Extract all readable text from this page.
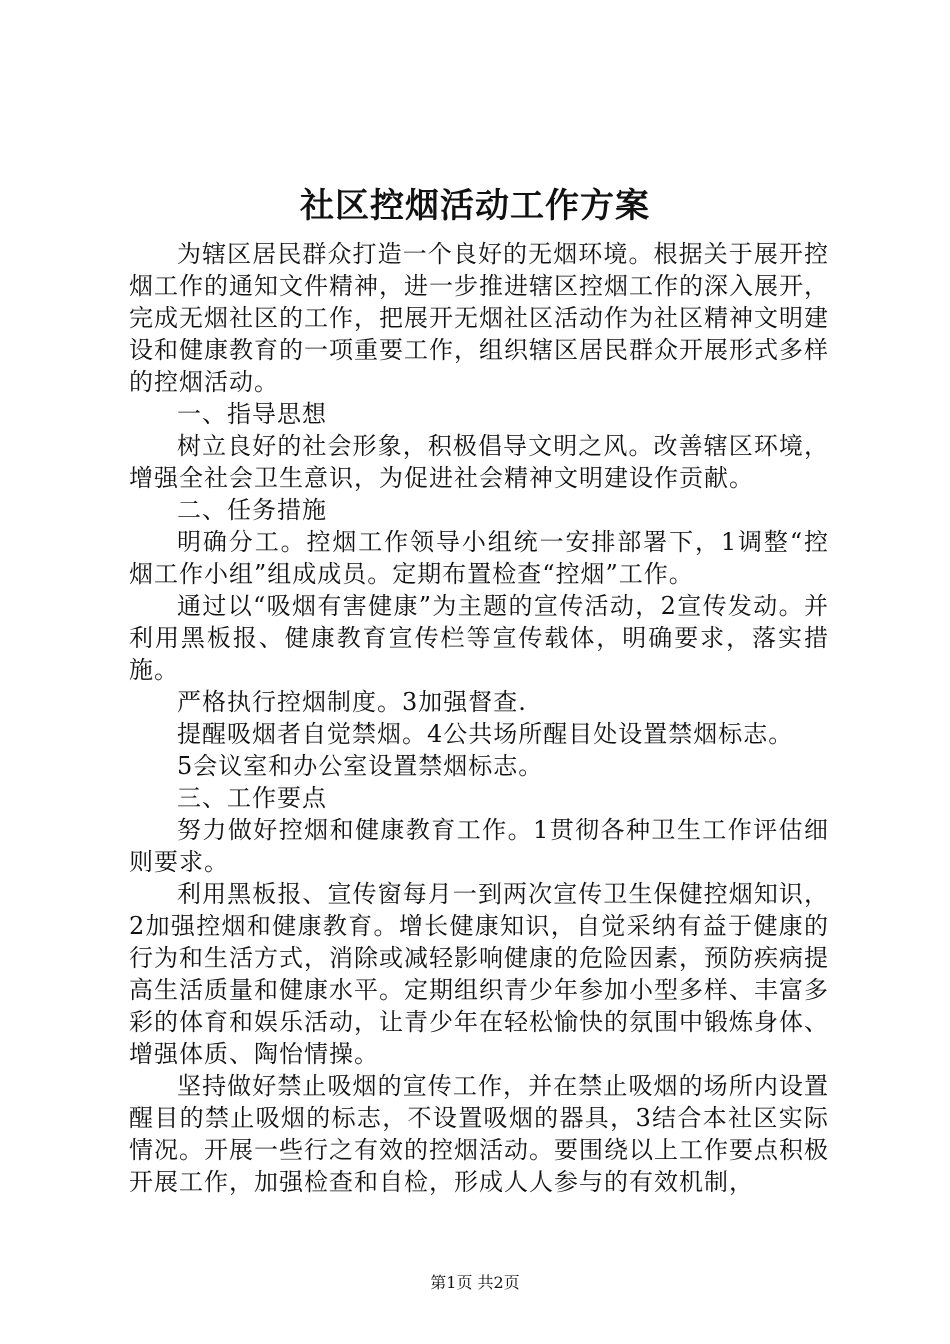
社区控烟活动工作方案

为辖区居民群众打造一个良好的无烟环境。根据关于展开控烟工作的通知文件精神，进一步推进辖区控烟工作的深入展开，完成无烟社区的工作，把展开无烟社区活动作为社区精神文明建设和健康教育的一项重要工作，组织辖区居民群众开展形式多样的控烟活动。

一、指导思想

树立良好的社会形象，积极倡导文明之风。改善辖区环境，增强全社会卫生意识，为促进社会精神文明建设作贡献。

二、任务措施

明确分工。控烟工作领导小组统一安排部署下，1调整“控烟工作小组”组成成员。定期布置检查“控烟”工作。

通过以“吸烟有害健康”为主题的宣传活动，2宣传发动。并利用黑板报、健康教育宣传栏等宣传载体，明确要求，落实措施。

严格执行控烟制度。3加强督查.

提醒吸烟者自觉禁烟。4公共场所醒目处设置禁烟标志。

5会议室和办公室设置禁烟标志。

三、工作要点

努力做好控烟和健康教育工作。1贯彻各种卫生工作评估细则要求。

利用黑板报、宣传窗每月一到两次宣传卫生保健控烟知识，2加强控烟和健康教育。增长健康知识，自觉采纳有益于健康的行为和生活方式，消除或减轻影响健康的危险因素，预防疾病提高生活质量和健康水平。定期组织青少年参加小型多样、丰富多彩的体育和娱乐活动，让青少年在轻松愉快的氛围中锻炼身体、增强体质、陶怡情操。

坚持做好禁止吸烟的宣传工作，并在禁止吸烟的场所内设置醒目的禁止吸烟的标志，不设置吸烟的器具，3结合本社区实际情况。开展一些行之有效的控烟活动。要围绕以上工作要点积极开展工作，加强检查和自检，形成人人参与的有效机制，

第1页 共2页
